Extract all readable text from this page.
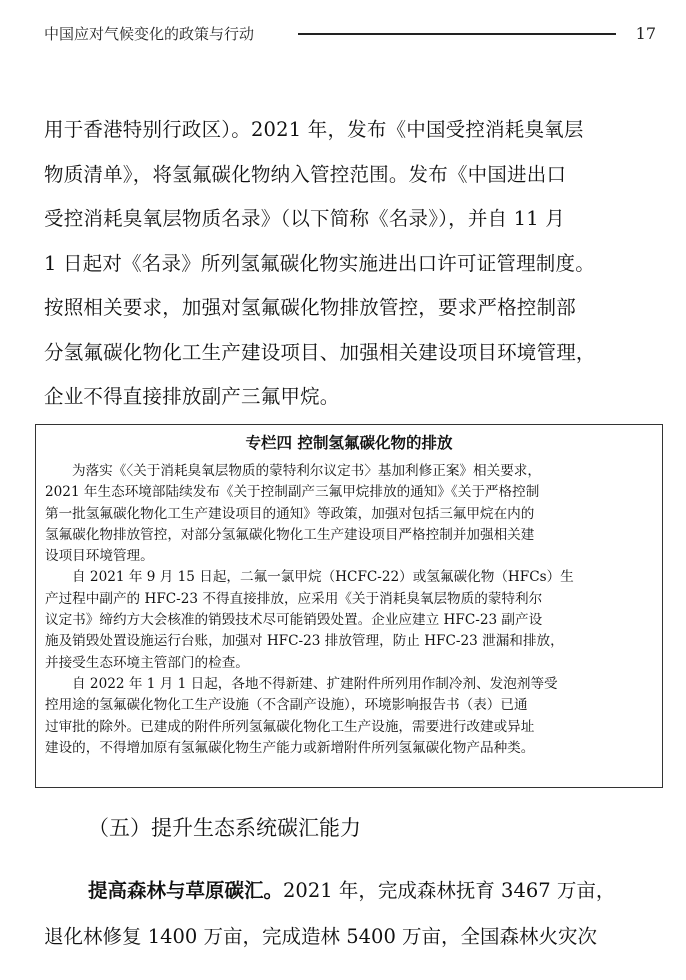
中国应对气候变化的政策与行动	17
用于香港特别行政区）。2021 年，发布《中国受控消耗臭氧层
物质清单》，将氢氟碳化物纳入管控范围。发布《中国进出口
受控消耗臭氧层物质名录》（以下简称《名录》），并自 11 月
1 日起对《名录》所列氢氟碳化物实施进出口许可证管理制度。
按照相关要求，加强对氢氟碳化物排放管控，要求严格控制部
分氢氟碳化物化工生产建设项目、加强相关建设项目环境管理，
企业不得直接排放副产三氟甲烷。
专栏四 控制氢氟碳化物的排放
为落实《〈关于消耗臭氧层物质的蒙特利尔议定书〉基加利修正案》相关要求，
2021 年生态环境部陆续发布《关于控制副产三氟甲烷排放的通知》《关于严格控制
第一批氢氟碳化物化工生产建设项目的通知》等政策，加强对包括三氟甲烷在内的
氢氟碳化物排放管控，对部分氢氟碳化物化工生产建设项目严格控制并加强相关建
设项目环境管理。
自 2021 年 9 月 15 日起，二氟一氯甲烷（HCFC-22）或氢氟碳化物（HFCs）生
产过程中副产的 HFC-23 不得直接排放，应采用《关于消耗臭氧层物质的蒙特利尔
议定书》缔约方大会核准的销毁技术尽可能销毁处置。企业应建立 HFC-23 副产设
施及销毁处置设施运行台账，加强对 HFC-23 排放管理，防止 HFC-23 泄漏和排放，
并接受生态环境主管部门的检查。
自 2022 年 1 月 1 日起，各地不得新建、扩建附件所列用作制冷剂、发泡剂等受
控用途的氢氟碳化物化工生产设施（不含副产设施），环境影响报告书（表）已通
过审批的除外。已建成的附件所列氢氟碳化物化工生产设施，需要进行改建或异址
建设的，不得增加原有氢氟碳化物生产能力或新增附件所列氢氟碳化物产品种类。
（五）提升生态系统碳汇能力
提高森林与草原碳汇。2021 年，完成森林抚育 3467 万亩，
退化林修复 1400 万亩，完成造林 5400 万亩，全国森林火灾次
